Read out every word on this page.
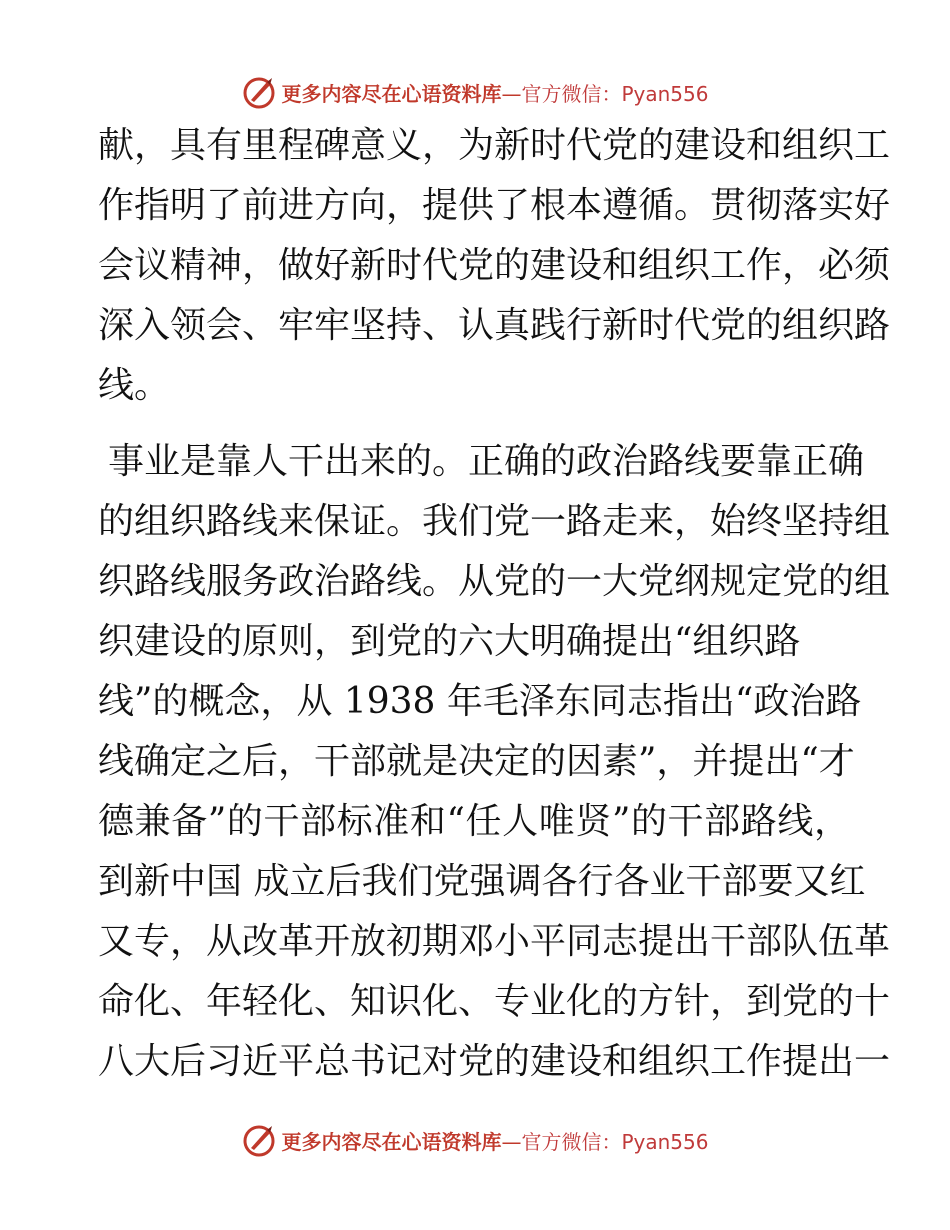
更多内容尽在心语资料库—官方微信：Pyan556
献，具有里程碑意义，为新时代党的建设和组织工
作指明了前进方向，提供了根本遵循。贯彻落实好
会议精神，做好新时代党的建设和组织工作，必须
深入领会、牢牢坚持、认真践行新时代党的组织路
线。
事业是靠人干出来的。正确的政治路线要靠正确
的组织路线来保证。我们党一路走来，始终坚持组
织路线服务政治路线。从党的一大党纲规定党的组
织建设的原则，到党的六大明确提出“组织路
线”的概念，从 1938 年毛泽东同志指出“政治路
线确定之后，干部就是决定的因素”，并提出“才
德兼备”的干部标准和“任人唯贤”的干部路线，
到新中国 成立后我们党强调各行各业干部要又红
又专，从改革开放初期邓小平同志提出干部队伍革
命化、年轻化、知识化、专业化的方针，到党的十
八大后习近平总书记对党的建设和组织工作提出一
更多内容尽在心语资料库—官方微信：Pyan556
